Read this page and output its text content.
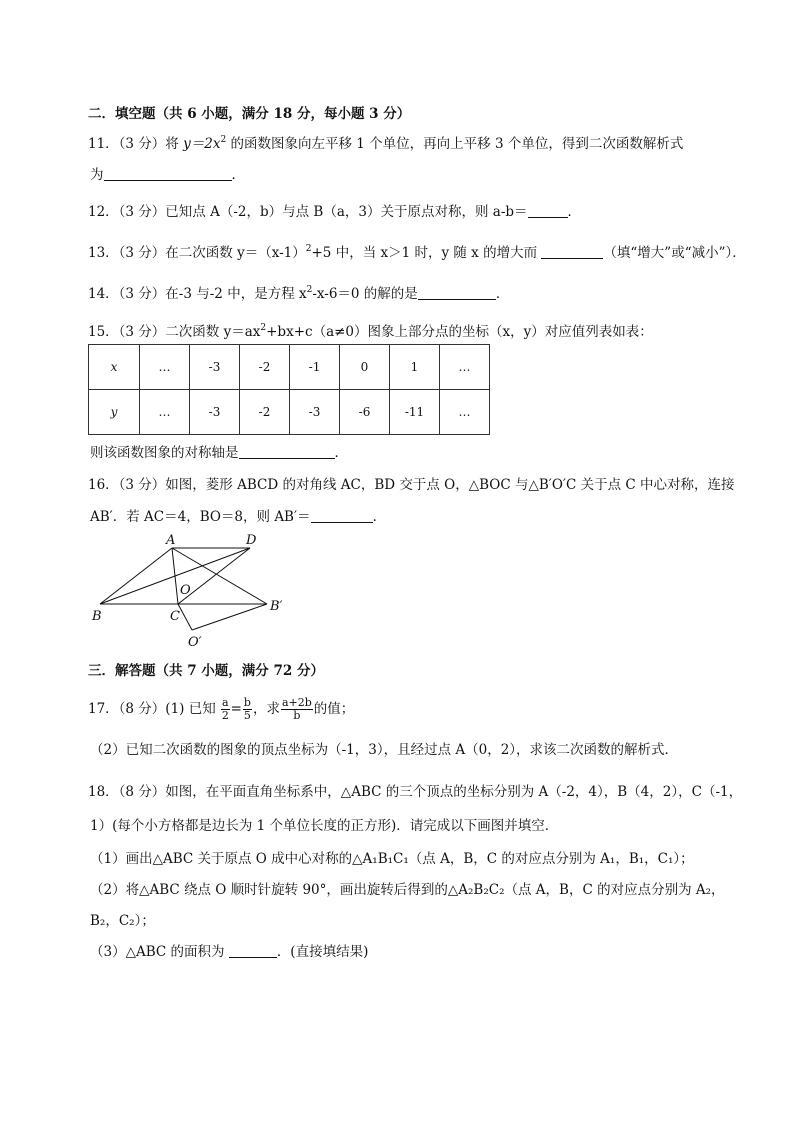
二．填空题（共 6 小题，满分 18 分，每小题 3 分）
11．（3 分）将 $y=2x^2$ 的函数图象向左平移 1 个单位，再向上平移 3 个单位，得到二次函数解析式
为	．
12．（3 分）已知点 A（-2，b）与点 B（a，3）关于原点对称，则 a-b＝	．
13．（3 分）在二次函数 $y=(x-1)^2+5$ 中，当 x＞1 时，y 随 x 的增大而	（填“增大”或“减小”）．
14．（3 分）在-3 与-2 中，是方程 $x^2-x-6=0$ 的解的是	．
15．（3 分）二次函数 $y=ax^2+bx+c(a\ne 0)$图象上部分点的坐标（x，y）对应值列表如表：
x	…	-3	-2	-1	0	1	…
y	…	-3	-2	-3	-6	-11	…
则该函数图象的对称轴是	．
16．（3 分）如图，菱形 ABCD 的对角线 AC，BD 交于点 O，△BOC 与△B′O′C 关于点 C 中心对称，连接
AB′．若 AC＝4，BO＝8，则 AB′＝	．
A	D
O
B	C
B′
O′
三．解答题（共 7 小题，满分 72 分）
17．（8 分）(1) 已知 $\frac{a}{2} = \frac{b}{5}$ ，求 $\frac{a+2b}{b}$ 的值；
（2）已知二次函数的图象的顶点坐标为（-1，3），且经过点 A（0，2），求该二次函数的解析式．
18．（8 分）如图，在平面直角坐标系中，△ABC 的三个顶点的坐标分别为 A（-2，4），B（4，2），C（-1，
1）(每个小方格都是边长为 1 个单位长度的正方形)．请完成以下画图并填空．
（1）画出△ABC 关于原点 O 成中心对称的△A₁B₁C₁（点 A，B，C 的对应点分别为 A₁，B₁，C₁）；
（2）将△ABC 绕点 O 顺时针旋转 90°，画出旋转后得到的△A₂B₂C₂（点 A，B，C 的对应点分别为 A₂，
B₂，C₂）；
（3）△ABC 的面积为	．(直接填结果)
